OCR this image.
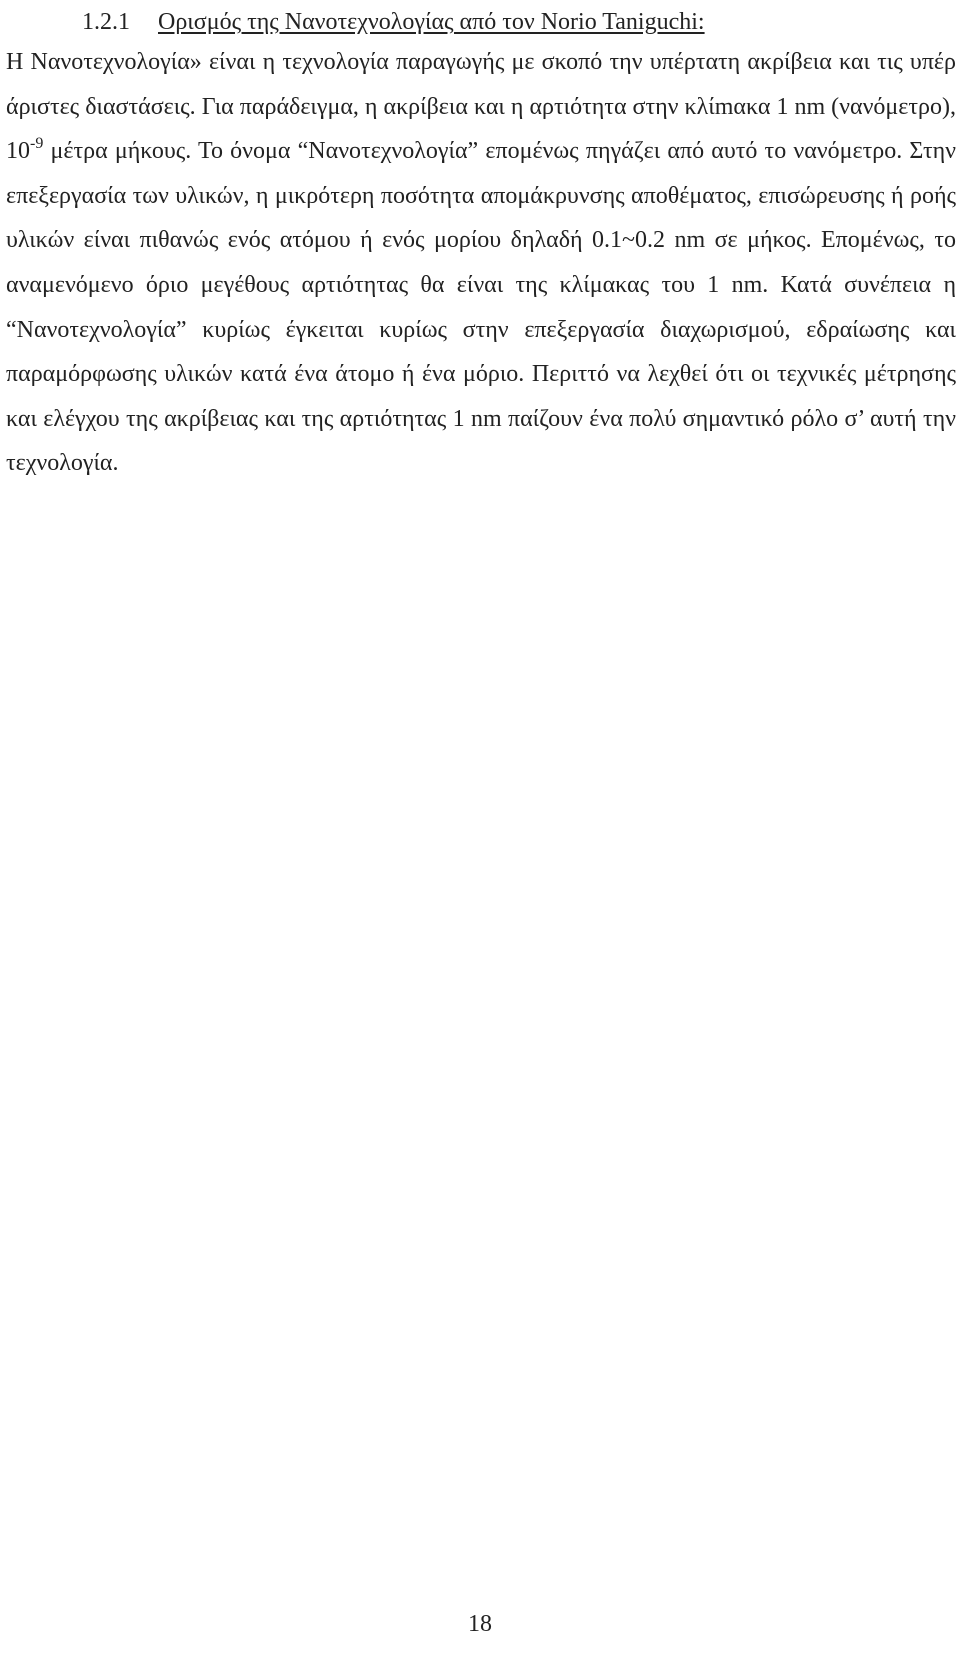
1.2.1 Ορισμός της Νανοτεχνολογίας από τον Norio Taniguchi:

Η Νανοτεχνολογία» είναι η τεχνολογία παραγωγής με σκοπό την υπέρτατη ακρίβεια και τις υπέρ άριστες διαστάσεις. Για παράδειγμα, η ακρίβεια και η αρτιότητα στην κλίmακα 1 nm (νανόμετρο), $10^{-9}$ μέτρα μήκους. Το όνομα “Νανοτεχνολογία” επομένως πηγάζει από αυτό το νανόμετρο. Στην επεξεργασία των υλικών, η μικρότερη ποσότητα απομάκρυνσης αποθέματος, επισώρευσης ή ροής υλικών είναι πιθανώς ενός ατόμου ή ενός μορίου δηλαδή 0.1~0.2 nm σε μήκος. Επομένως, το αναμενόμενο όριο μεγέθους αρτιότητας θα είναι της κλίμακας του 1 nm. Κατά συνέπεια η “Νανοτεχνολογία” κυρίως έγκειται κυρίως στην επεξεργασία διαχωρισμού, εδραίωσης και παραμόρφωσης υλικών κατά ένα άτομο ή ένα μόριο. Περιττό να λεχθεί ότι οι τεχνικές μέτρησης και ελέγχου της ακρίβειας και της αρτιότητας 1 nm παίζουν ένα πολύ σημαντικό ρόλο σ’ αυτή την τεχνολογία.

18
